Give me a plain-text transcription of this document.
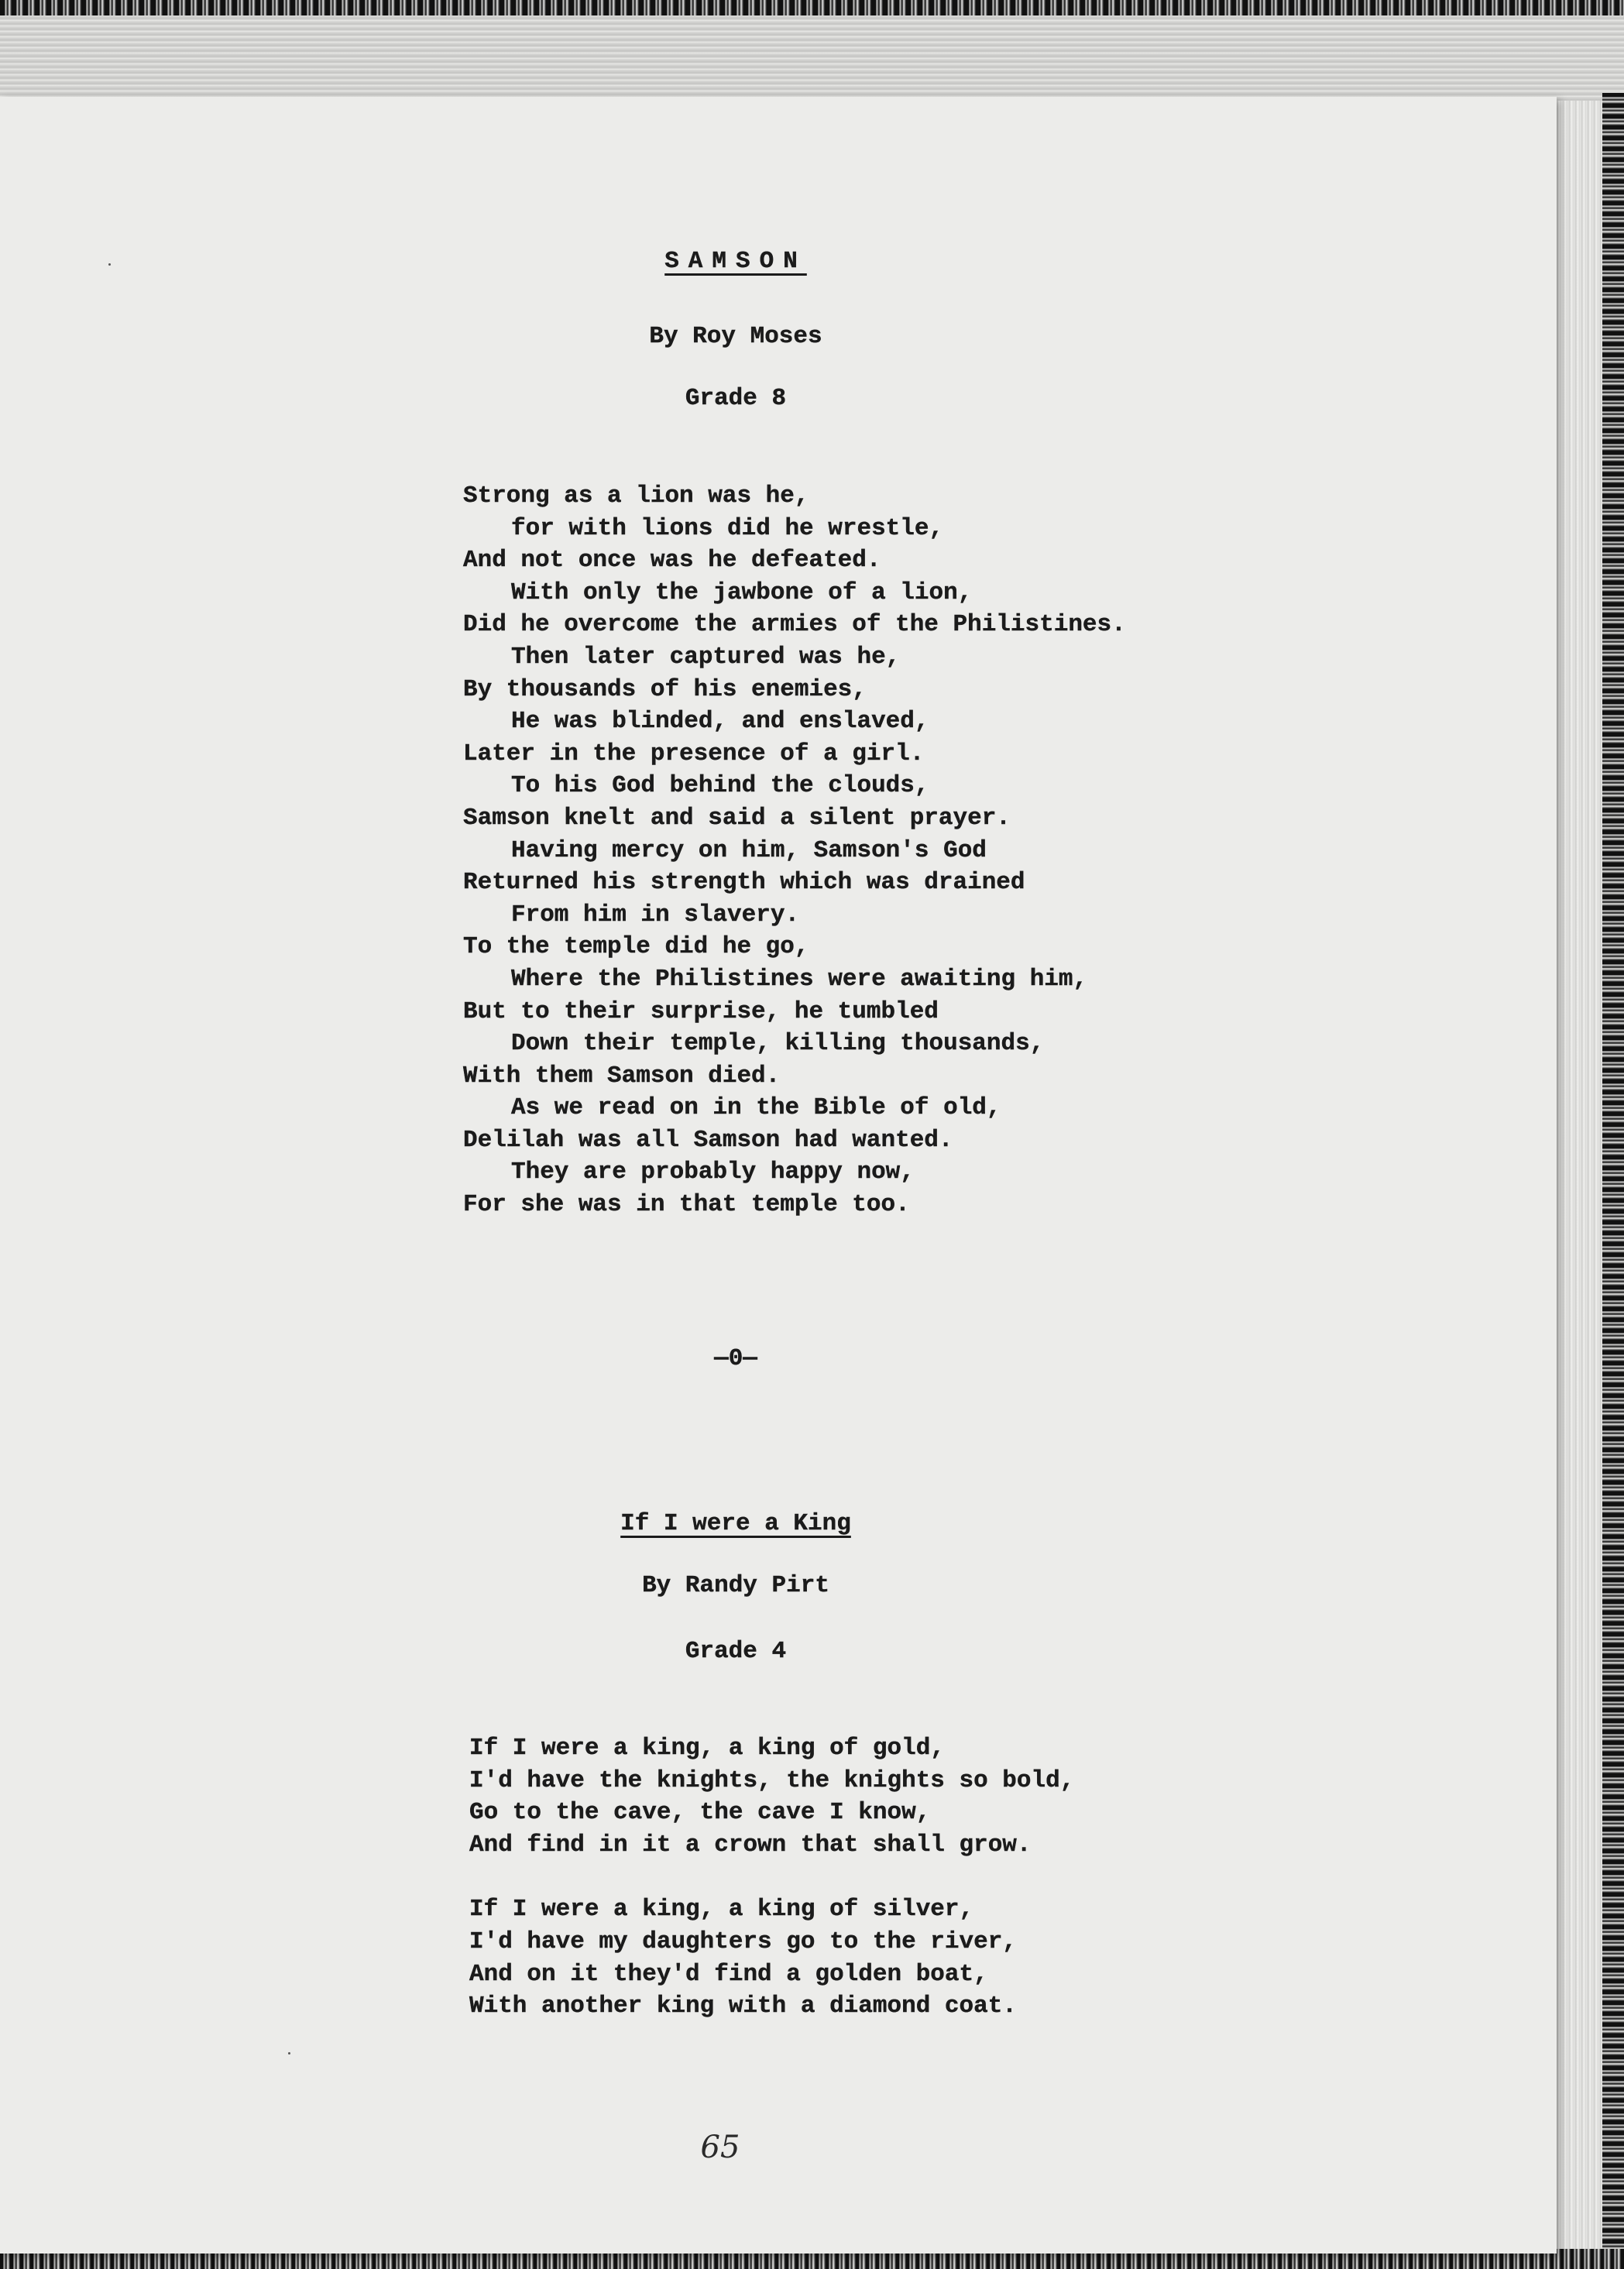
SAMSON
By Roy Moses
Grade 8
Strong as a lion was he,
for with lions did he wrestle,
And not once was he defeated.
With only the jawbone of a lion,
Did he overcome the armies of the Philistines.
Then later captured was he,
By thousands of his enemies,
He was blinded, and enslaved,
Later in the presence of a girl.
To his God behind the clouds,
Samson knelt and said a silent prayer.
Having mercy on him, Samson's God
Returned his strength which was drained
From him in slavery.
To the temple did he go,
Where the Philistines were awaiting him,
But to their surprise, he tumbled
Down their temple, killing thousands,
With them Samson died.
As we read on in the Bible of old,
Delilah was all Samson had wanted.
They are probably happy now,
For she was in that temple too.
—0—
If I were a King
By Randy Pirt
Grade 4
If I were a king, a king of gold,
I'd have the knights, the knights so bold,
Go to the cave, the cave I know,
And find in it a crown that shall grow.
If I were a king, a king of silver,
I'd have my daughters go to the river,
And on it they'd find a golden boat,
With another king with a diamond coat.
65
